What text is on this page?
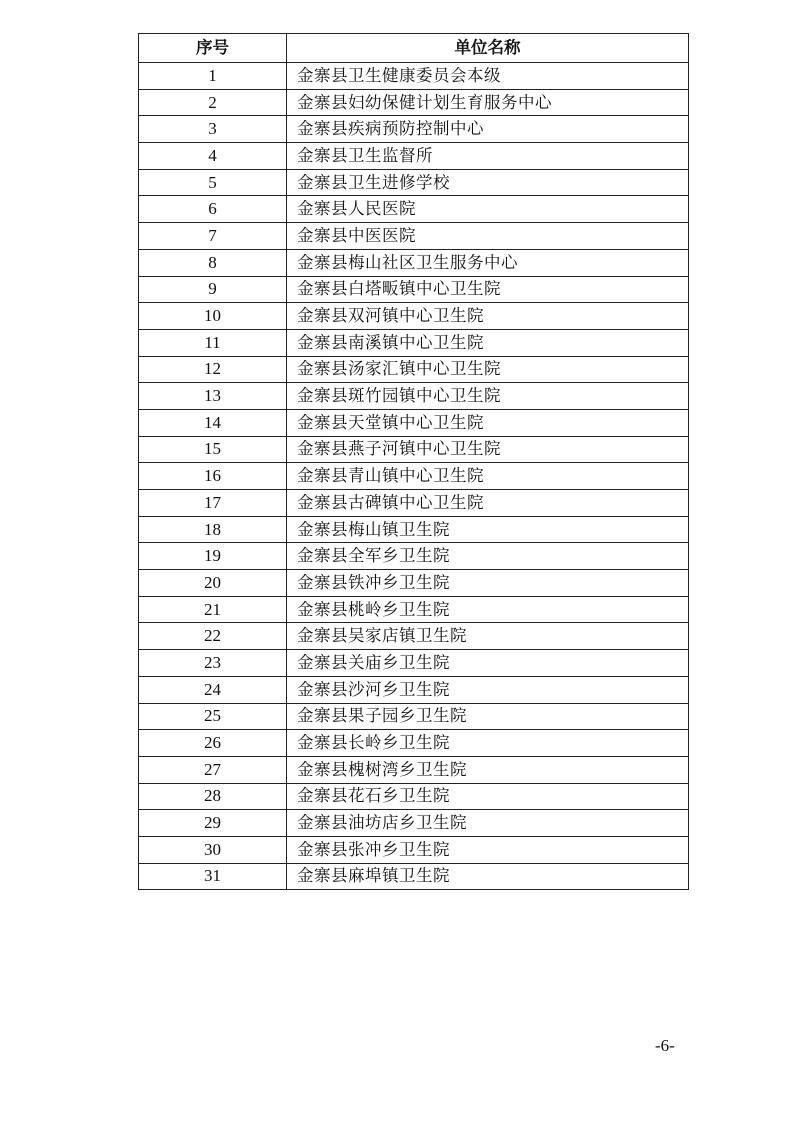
序号	单位名称
1	金寨县卫生健康委员会本级
2	金寨县妇幼保健计划生育服务中心
3	金寨县疾病预防控制中心
4	金寨县卫生监督所
5	金寨县卫生进修学校
6	金寨县人民医院
7	金寨县中医医院
8	金寨县梅山社区卫生服务中心
9	金寨县白塔畈镇中心卫生院
10	金寨县双河镇中心卫生院
11	金寨县南溪镇中心卫生院
12	金寨县汤家汇镇中心卫生院
13	金寨县斑竹园镇中心卫生院
14	金寨县天堂镇中心卫生院
15	金寨县燕子河镇中心卫生院
16	金寨县青山镇中心卫生院
17	金寨县古碑镇中心卫生院
18	金寨县梅山镇卫生院
19	金寨县全军乡卫生院
20	金寨县铁冲乡卫生院
21	金寨县桃岭乡卫生院
22	金寨县吴家店镇卫生院
23	金寨县关庙乡卫生院
24	金寨县沙河乡卫生院
25	金寨县果子园乡卫生院
26	金寨县长岭乡卫生院
27	金寨县槐树湾乡卫生院
28	金寨县花石乡卫生院
29	金寨县油坊店乡卫生院
30	金寨县张冲乡卫生院
31	金寨县麻埠镇卫生院
-6-
